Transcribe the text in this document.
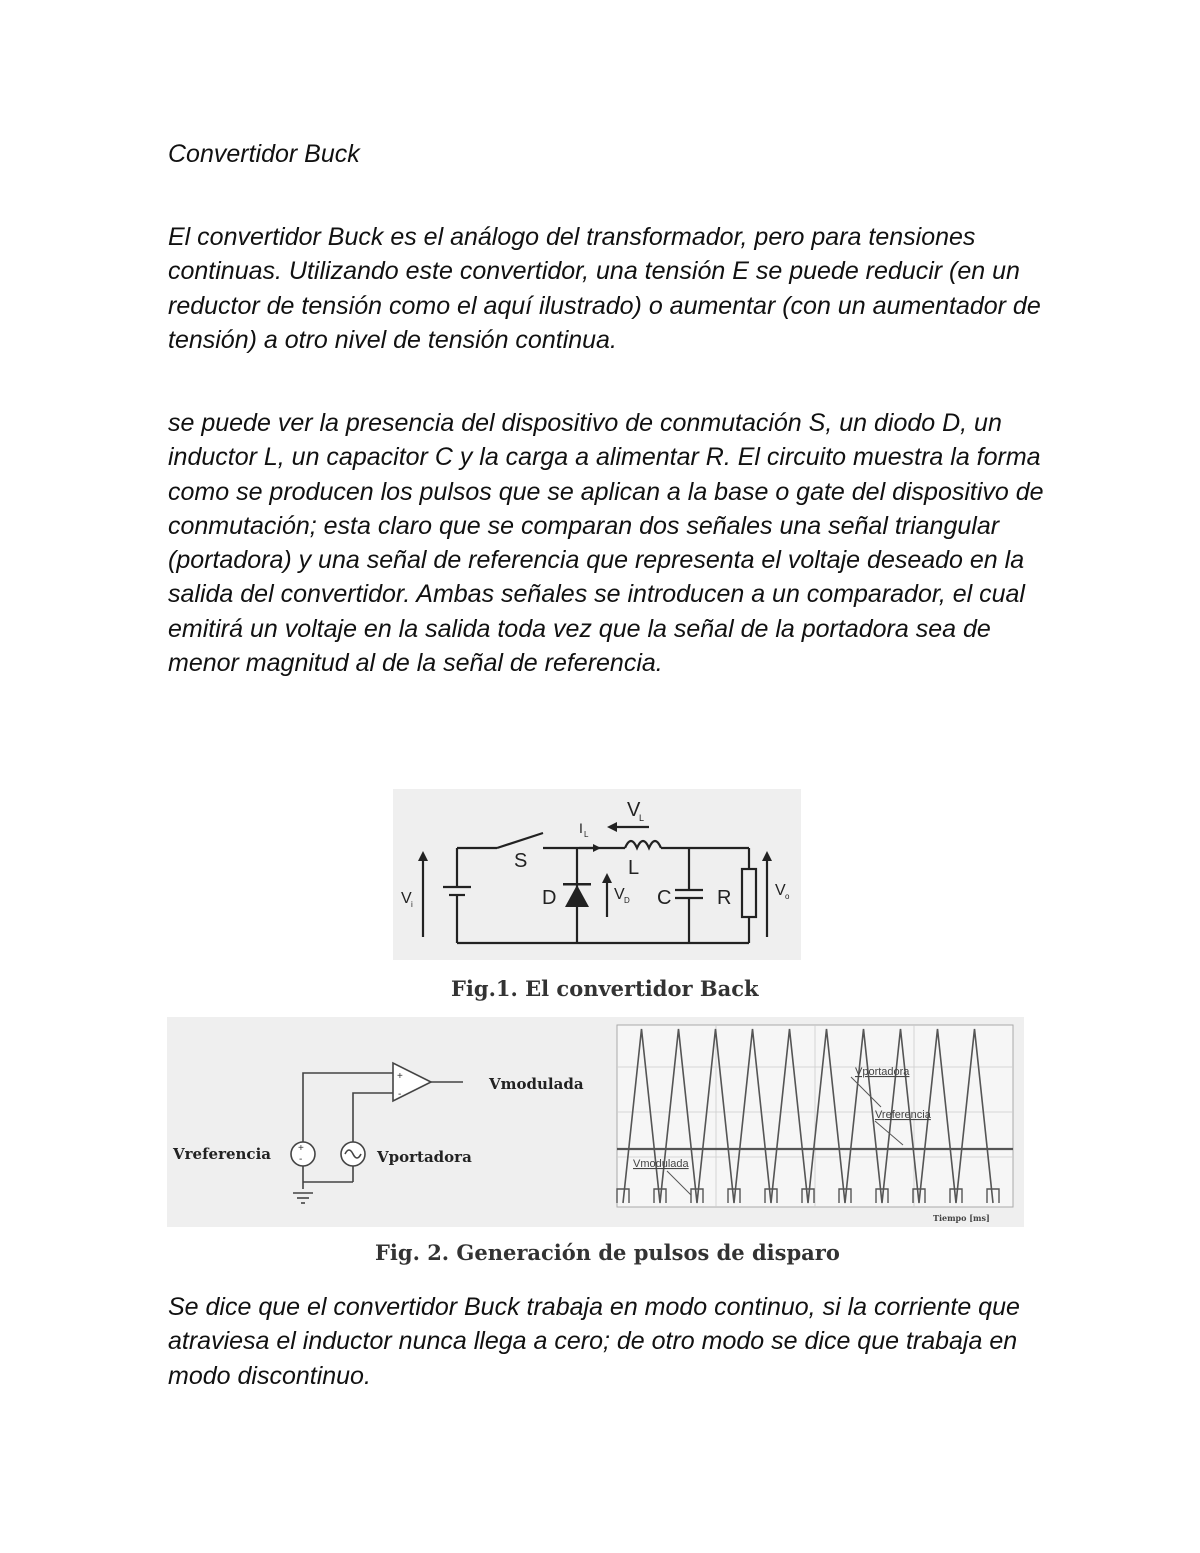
Convertidor Buck

El convertidor Buck es el análogo del transformador, pero para tensiones continuas. Utilizando este convertidor, una tensión E se puede reducir (en un reductor de tensión como el aquí ilustrado) o aumentar (con un aumentador de tensión) a otro nivel de tensión continua.

se puede ver la presencia del dispositivo de conmutación S, un diodo D, un inductor L, un capacitor C y la carga a alimentar R. El circuito muestra la forma como se producen los pulsos que se aplican a la base o gate del dispositivo de conmutación; esta claro que se comparan dos señales una señal triangular (portadora) y una señal de referencia que representa el voltaje deseado en la salida del convertidor. Ambas señales se introducen a un comparador, el cual emitirá un voltaje en la salida toda vez que la señal de la portadora sea de menor magnitud al de la señal de referencia.

V
L
I L
S	L
D	C R
V i
V D
V o
Fig.1. El convertidor Back
+
-
+
-
Vmodulada
Vreferencia	Vportadora
Vportadora
Vreferencia
Vmodulada
Tiempo [ms]
Fig. 2. Generación de pulsos de disparo

Se dice que el convertidor Buck trabaja en modo continuo, si la corriente que atraviesa el inductor nunca llega a cero; de otro modo se dice que trabaja en modo discontinuo.
